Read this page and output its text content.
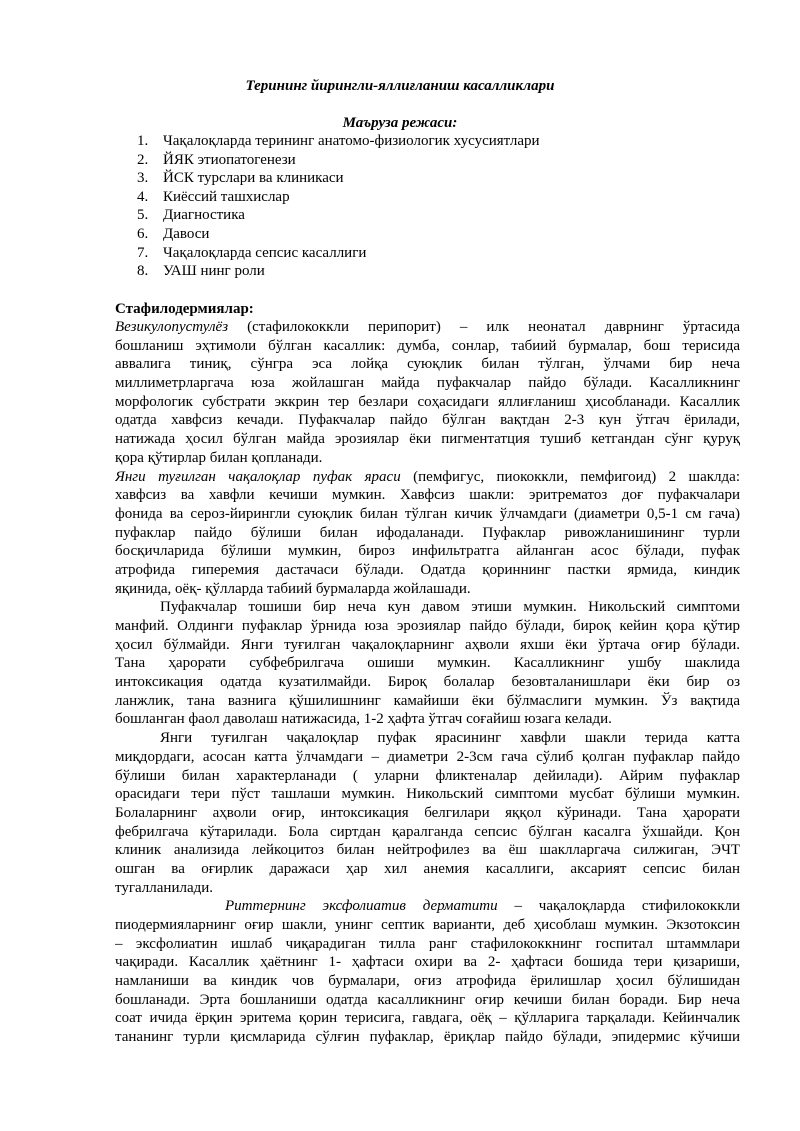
Терининг йирингли-яллиғланиш касалликлари

Маъруза режаси:

1. Чақалоқларда терининг анатомо-физиологик хусусиятлари
2. ЙЯК этиопатогенези
3. ЙСК турслари ва клиникаси
4. Киёссий ташхислар
5. Диагностика
6. Давоси
7. Чақалоқларда сепсис касаллиги
8. УАШ нинг роли

Стафилодермиялар:

Везикулопустулёз (стафилококкли перипорит) – илк неонатал даврнинг ўртасида
бошланиш эҳтимоли бўлган касаллик: думба, сонлар, табиий бурмалар, бош терисида
аввалига тиниқ, сўнгра эса лойқа суюқлик билан тўлган, ўлчами бир неча
миллиметрларгача юза жойлашган майда пуфакчалар пайдо бўлади. Касалликнинг
морфологик субстрати эккрин тер безлари соҳасидаги яллиғланиш ҳисобланади. Касаллик
одатда хавфсиз кечади. Пуфакчалар пайдо бўлган вақтдан 2-3 кун ўтгач ёрилади,
натижада ҳосил бўлган майда эрозиялар ёки пигментатция тушиб кетгандан сўнг қуруқ
қора қўтирлар билан қопланади.
Янги туғилган чақалоқлар пуфак яраси (пемфигус, пиококкли, пемфигоид) 2 шаклда:
хавфсиз ва хавфли кечиши мумкин. Хавфсиз шакли: эритрематоз доғ пуфакчалари
фонида ва сероз-йирингли суюқлик билан тўлган кичик ўлчамдаги (диаметри 0,5-1 см гача)
пуфаклар пайдо бўлиши билан ифодаланади. Пуфаклар ривожланишининг турли
босқичларида бўлиши мумкин, бироз инфильтратга айланган асос бўлади, пуфак
атрофида гиперемия дастачаси бўлади. Одатда қориннинг пастки ярмида, киндик
яқинида, оёқ- қўлларда табиий бурмаларда жойлашади.
Пуфакчалар тошиши бир неча кун давом этиши мумкин. Никольский симптоми
манфий. Олдинги пуфаклар ўрнида юза эрозиялар пайдо бўлади, бироқ кейин қора қўтир
ҳосил бўлмайди. Янги туғилган чақалоқларнинг аҳволи яхши ёки ўртача оғир бўлади.
Тана ҳарорати субфебрилгача ошиши мумкин. Касалликнинг ушбу шаклида
интоксикация одатда кузатилмайди. Бироқ болалар безовталанишлари ёки бир оз
ланжлик, тана вазнига қўшилишнинг камайиши ёки бўлмаслиги мумкин. Ўз вақтида
бошланган фаол даволаш натижасида, 1-2 ҳафта ўтгач соғайиш юзага келади.
Янги туғилган чақалоқлар пуфак ярасининг хавфли шакли терида катта
миқдордаги, асосан катта ўлчамдаги – диаметри 2-3см гача сўлиб қолган пуфаклар пайдо
бўлиши билан характерланади ( уларни фликтеналар дейилади). Айрим пуфаклар
орасидаги тери пўст ташлаши мумкин. Никольский симптоми мусбат бўлиши мумкин.
Болаларнинг аҳволи оғир, интоксикация белгилари яққол кўринади. Тана ҳарорати
фебрилгача кўтарилади. Бола сиртдан қаралганда сепсис бўлган касалга ўхшайди. Қон
клиник анализида лейкоцитоз билан нейтрофилез ва ёш шаклларгача силжиган, ЭЧТ
ошган ва оғирлик даражаси ҳар хил анемия касаллиги, аксарият сепсис билан
тугалланилади.
Риттернинг эксфолиатив дерматити – чақалоқларда стифилококкли
пиодермияларнинг оғир шакли, унинг септик варианти, деб ҳисоблаш мумкин. Экзотоксин
– эксфолиатин ишлаб чиқарадиган тилла ранг стафилококкнинг госпитал штаммлари
чақиради. Касаллик ҳаётнинг 1- ҳафтаси охири ва 2- ҳафтаси бошида тери қизариши,
намланиши ва киндик чов бурмалари, оғиз атрофида ёрилишлар ҳосил бўлишидан
бошланади. Эрта бошланиши одатда касалликнинг оғир кечиши билан боради. Бир неча
соат ичида ёрқин эритема қорин терисига, гавдага, оёқ – қўлларига тарқалади. Кейинчалик
тананинг турли қисмларида сўлғин пуфаклар, ёриқлар пайдо бўлади, эпидермис кўчиши
